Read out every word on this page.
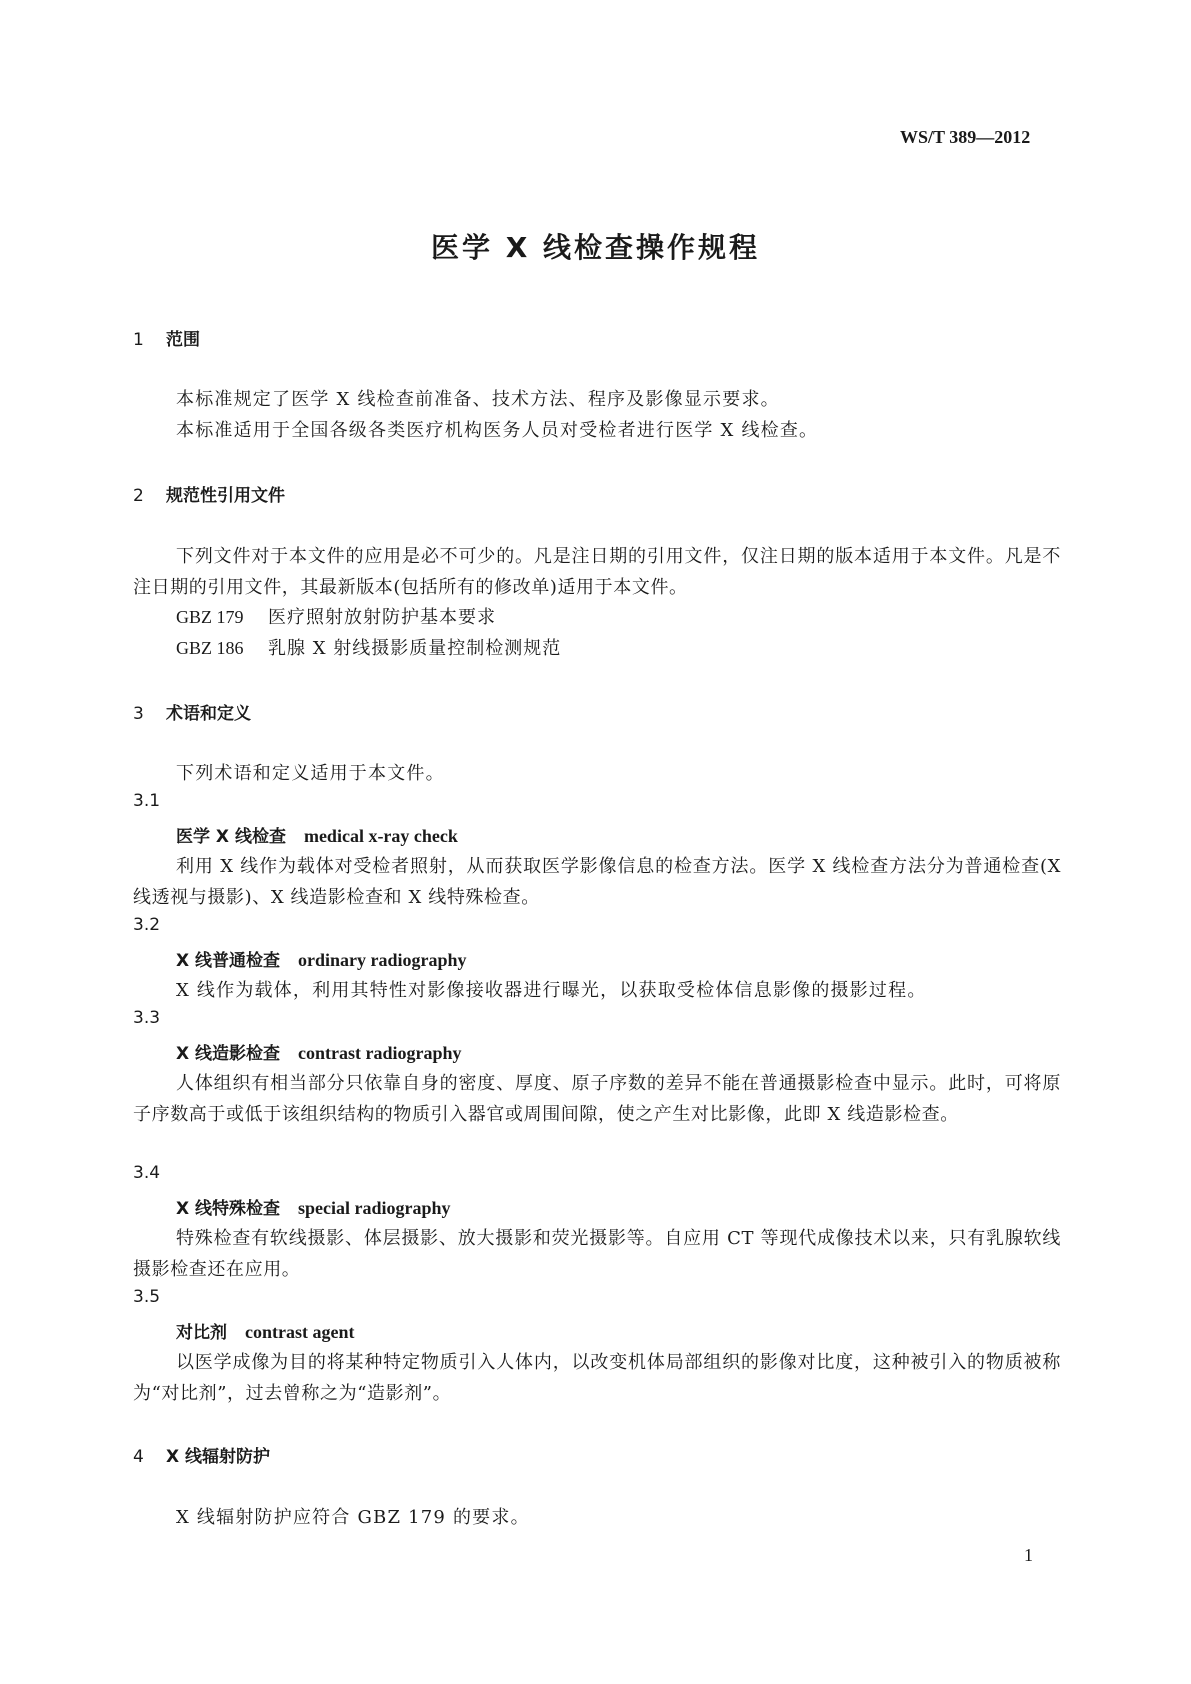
WS/T 389—2012
医学 X 线检查操作规程
1 范围
本标准规定了医学 X 线检查前准备、技术方法、程序及影像显示要求。
本标准适用于全国各级各类医疗机构医务人员对受检者进行医学 X 线检查。
2 规范性引用文件
下列文件对于本文件的应用是必不可少的。凡是注日期的引用文件，仅注日期的版本适用于本文件。凡是不注日期的引用文件，其最新版本(包括所有的修改单)适用于本文件。
GBZ 179 医疗照射放射防护基本要求
GBZ 186 乳腺 X 射线摄影质量控制检测规范
3 术语和定义
下列术语和定义适用于本文件。
3.1
医学 X 线检查 medical x-ray check
利用 X 线作为载体对受检者照射，从而获取医学影像信息的检查方法。医学 X 线检查方法分为普通检查(X 线透视与摄影)、X 线造影检查和 X 线特殊检查。
3.2
X 线普通检查 ordinary radiography
X 线作为载体，利用其特性对影像接收器进行曝光，以获取受检体信息影像的摄影过程。
3.3
X 线造影检查 contrast radiography
人体组织有相当部分只依靠自身的密度、厚度、原子序数的差异不能在普通摄影检查中显示。此时，可将原子序数高于或低于该组织结构的物质引入器官或周围间隙，使之产生对比影像，此即 X 线造影检查。
3.4
X 线特殊检查 special radiography
特殊检查有软线摄影、体层摄影、放大摄影和荧光摄影等。自应用 CT 等现代成像技术以来，只有乳腺软线摄影检查还在应用。
3.5
对比剂 contrast agent
以医学成像为目的将某种特定物质引入人体内，以改变机体局部组织的影像对比度，这种被引入的物质被称为“对比剂”，过去曾称之为“造影剂”。
4 X 线辐射防护
X 线辐射防护应符合 GBZ 179 的要求。
1
